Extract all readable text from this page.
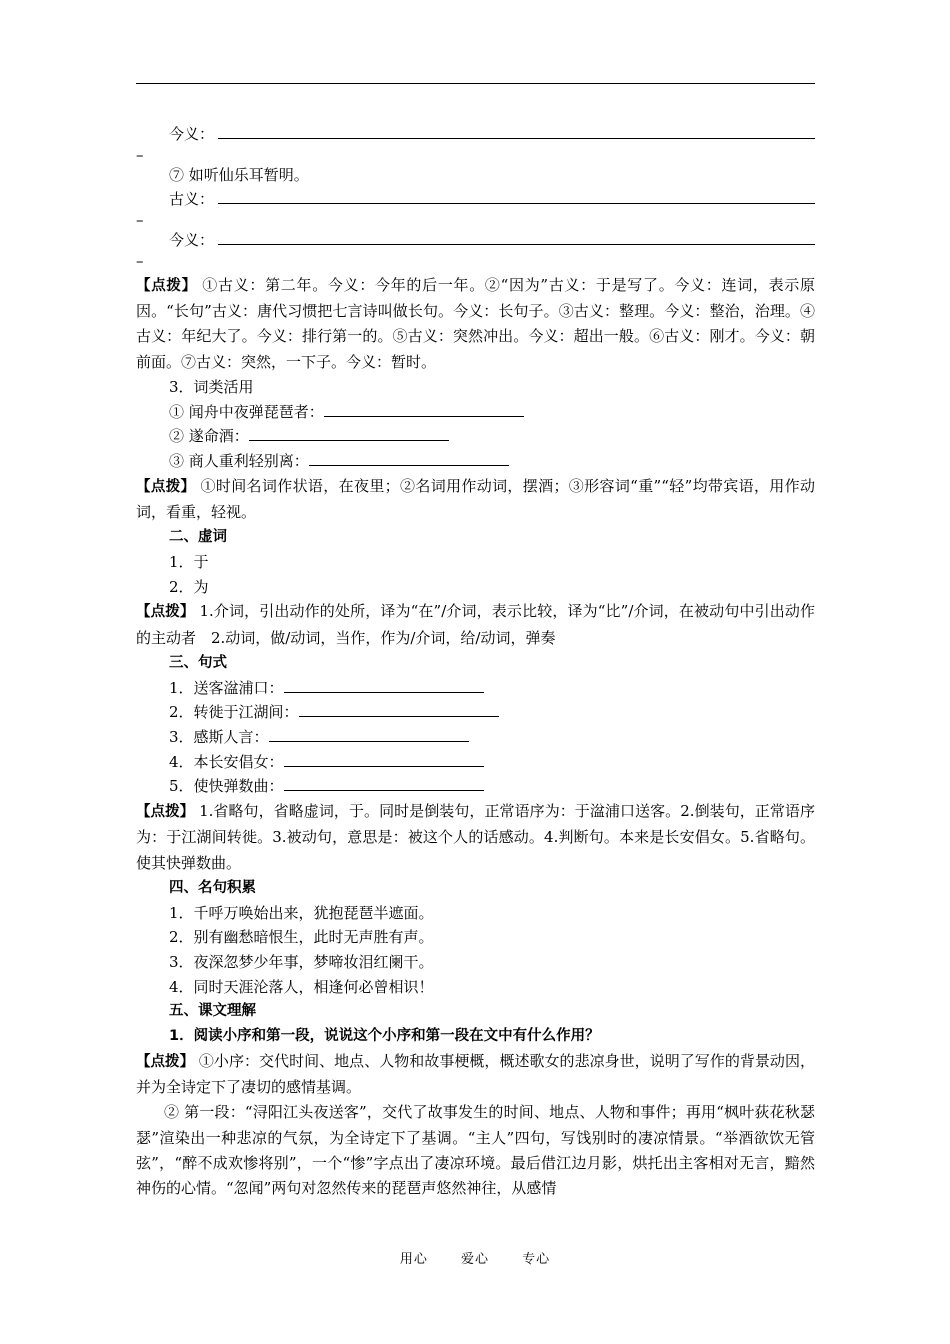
今义：
–
⑦ 如听仙乐耳暂明。
古义：
–
今义：
–
【点拨】 ①古义：第二年。今义：今年的后一年。②“因为”古义：于是写了。今义：连词，表示原因。“长句”古义：唐代习惯把七言诗叫做长句。今义：长句子。③古义：整理。今义：整治，治理。④古义：年纪大了。今义：排行第一的。⑤古义：突然冲出。今义：超出一般。⑥古义：刚才。今义：朝前面。⑦古义：突然，一下子。今义：暂时。
3．词类活用
① 闻舟中夜弹琵琶者：
② 遂命酒：
③ 商人重利轻别离：
【点拨】 ①时间名词作状语，在夜里；②名词用作动词，摆酒；③形容词“重”“轻”均带宾语，用作动词，看重，轻视。
二、虚词
1．于
2．为
【点拨】 1.介词，引出动作的处所，译为“在”/介词，表示比较，译为“比”/介词，在被动句中引出动作的主动者　2.动词，做/动词，当作，作为/介词，给/动词，弹奏
三、句式
1．送客湓浦口：
2．转徙于江湖间：
3．感斯人言：
4．本长安倡女：
5．使快弹数曲：
【点拨】 1.省略句，省略虚词，于。同时是倒装句，正常语序为：于湓浦口送客。2.倒装句，正常语序为：于江湖间转徙。3.被动句，意思是：被这个人的话感动。4.判断句。本来是长安倡女。5.省略句。使其快弹数曲。
四、名句积累
1．千呼万唤始出来，犹抱琵琶半遮面。
2．别有幽愁暗恨生，此时无声胜有声。
3．夜深忽梦少年事，梦啼妆泪红阑干。
4．同时天涯沦落人，相逢何必曾相识！
五、课文理解
1．阅读小序和第一段，说说这个小序和第一段在文中有什么作用？
【点拨】 ①小序：交代时间、地点、人物和故事梗概，概述歌女的悲凉身世，说明了写作的背景动因，并为全诗定下了凄切的感情基调。
② 第一段：“浔阳江头夜送客”，交代了故事发生的时间、地点、人物和事件；再用“枫叶荻花秋瑟瑟”渲染出一种悲凉的气氛，为全诗定下了基调。“主人”四句，写饯别时的凄凉情景。“举酒欲饮无管弦”，“醉不成欢惨将别”，一个“惨”字点出了凄凉环境。最后借江边月影，烘托出主客相对无言，黯然神伤的心情。“忽闻”两句对忽然传来的琵琶声悠然神往，从感情
用心	爱心	专心
